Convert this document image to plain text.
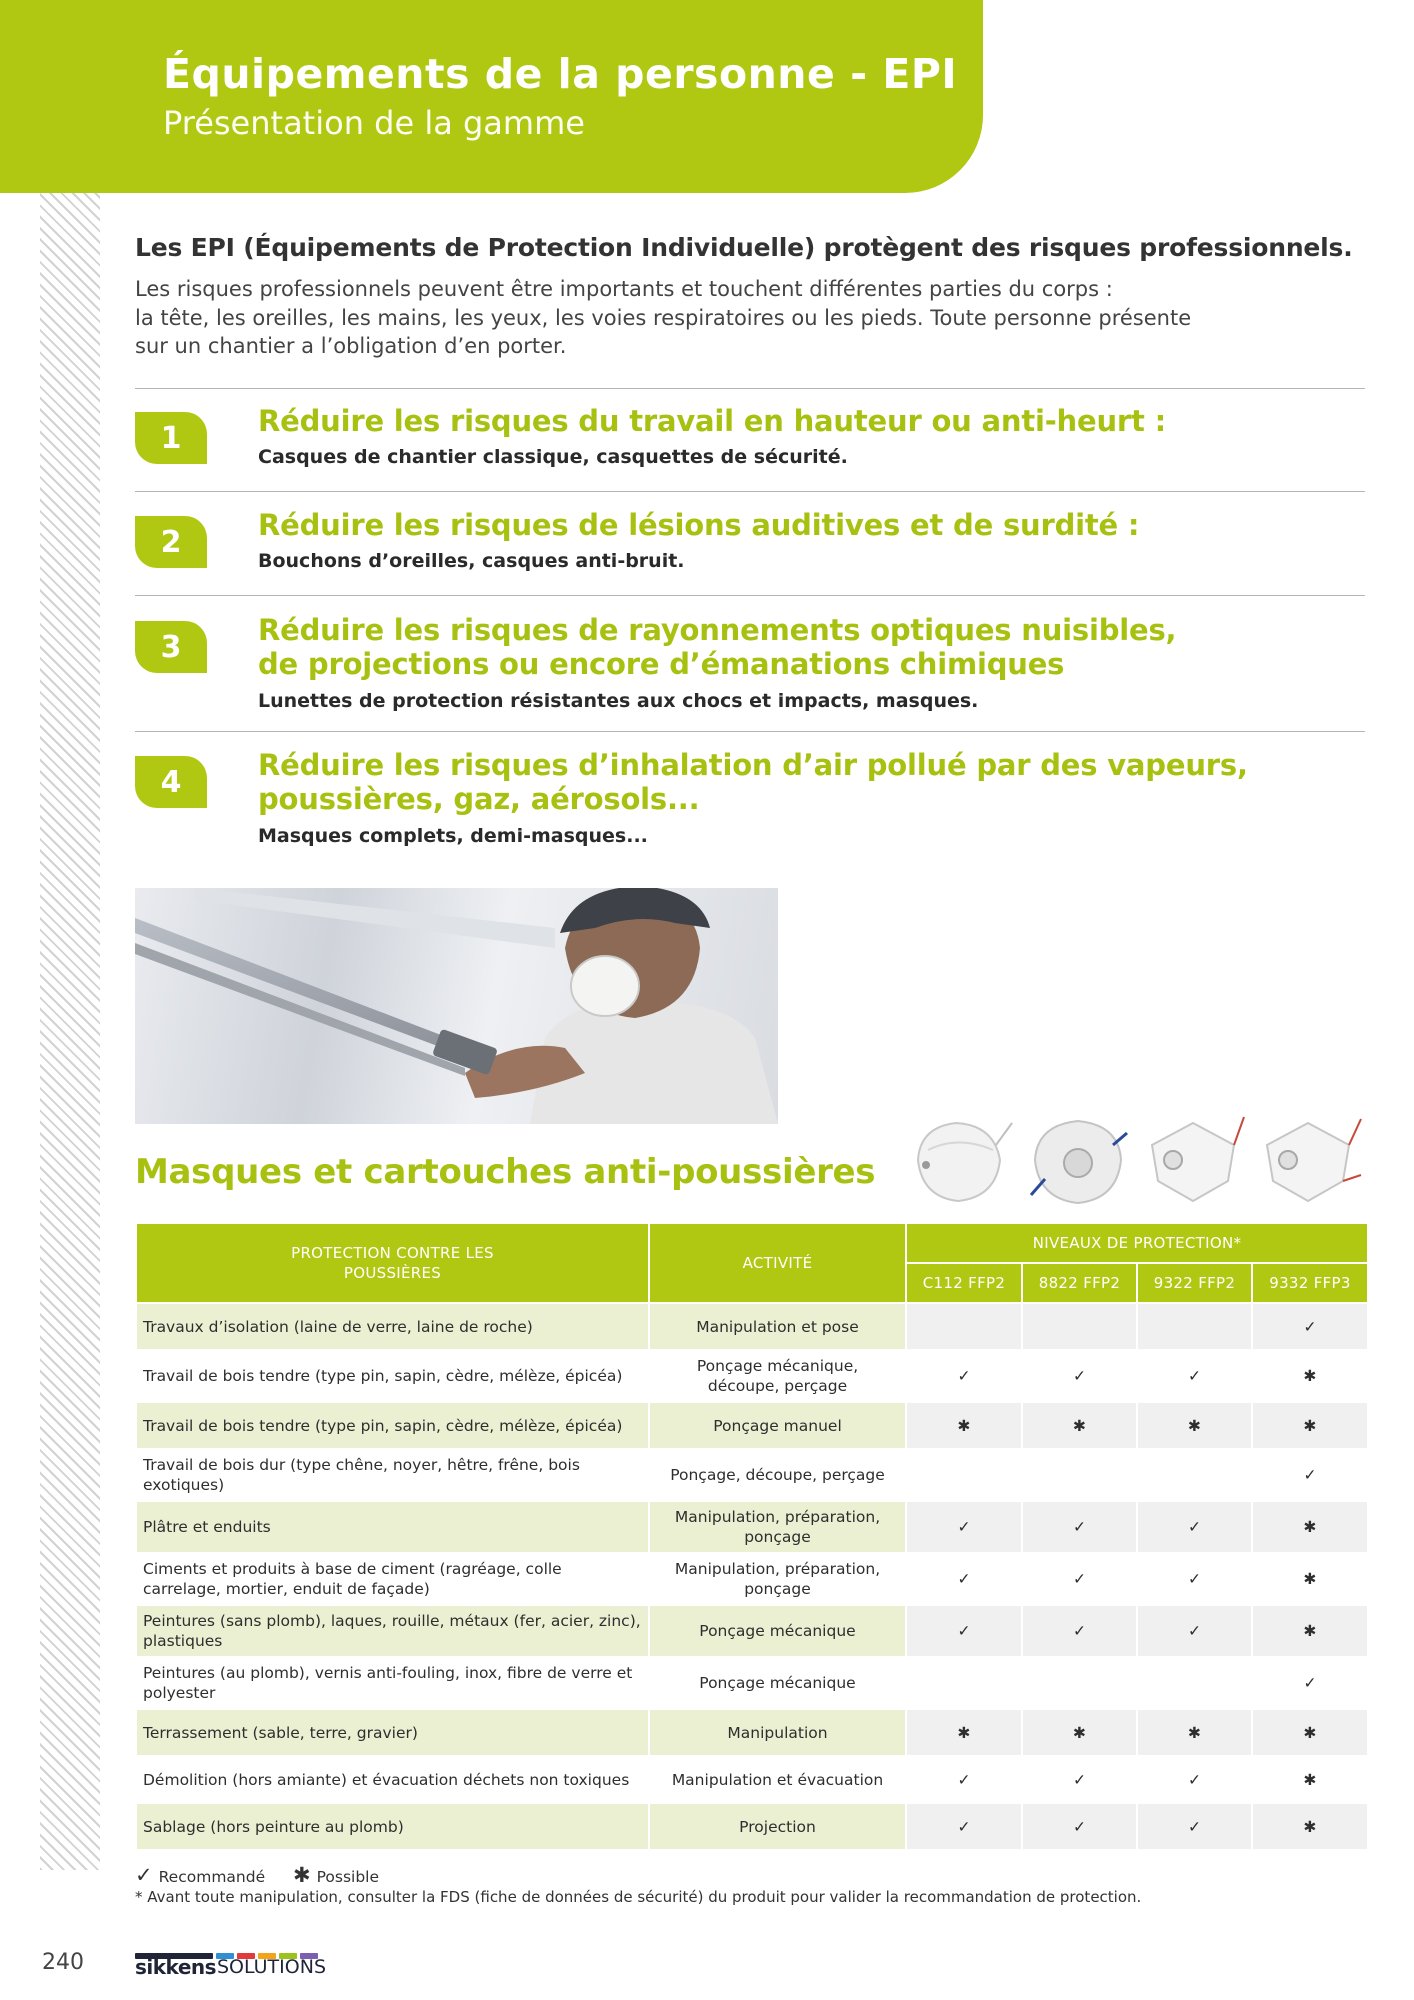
Équipements de la personne - EPI
Présentation de la gamme
Les EPI (Équipements de Protection Individuelle) protègent des risques professionnels.
Les risques professionnels peuvent être importants et touchent différentes parties du corps :
la tête, les oreilles, les mains, les yeux, les voies respiratoires ou les pieds. Toute personne présente
sur un chantier a l’obligation d’en porter.
1	Réduire les risques du travail en hauteur ou anti-heurt :
Casques de chantier classique, casquettes de sécurité.
2	Réduire les risques de lésions auditives et de surdité :
Bouchons d’oreilles, casques anti-bruit.
3	Réduire les risques de rayonnements optiques nuisibles,
de projections ou encore d’émanations chimiques
Lunettes de protection résistantes aux chocs et impacts, masques.
4	Réduire les risques d’inhalation d’air pollué par des vapeurs,
poussières, gaz, aérosols...
Masques complets, demi-masques...
Masques et cartouches anti-poussières
PROTECTION CONTRE LES POUSSIÈRES	ACTIVITÉ	NIVEAUX DE PROTECTION*			
		C112 FFP2	8822 FFP2	9322 FFP2	9332 FFP3
Travaux d’isolation (laine de verre, laine de roche)	Manipulation et pose				✓
Travail de bois tendre (type pin, sapin, cèdre, mélèze, épicéa)	Ponçage mécanique, découpe, perçage	✓	✓	✓	✱
Travail de bois tendre (type pin, sapin, cèdre, mélèze, épicéa)	Ponçage manuel	✱	✱	✱	✱
Travail de bois dur (type chêne, noyer, hêtre, frêne, bois exotiques)	Ponçage, découpe, perçage				✓
Plâtre et enduits	Manipulation, préparation, ponçage	✓	✓	✓	✱
Ciments et produits à base de ciment (ragréage, colle carrelage, mortier, enduit de façade)	Manipulation, préparation, ponçage	✓	✓	✓	✱
Peintures (sans plomb), laques, rouille, métaux (fer, acier, zinc), plastiques	Ponçage mécanique	✓	✓	✓	✱
Peintures (au plomb), vernis anti-fouling, inox, fibre de verre et polyester	Ponçage mécanique				✓
Terrassement (sable, terre, gravier)	Manipulation	✱	✱	✱	✱
Démolition (hors amiante) et évacuation déchets non toxiques	Manipulation et évacuation	✓	✓	✓	✱
Sablage (hors peinture au plomb)	Projection	✓	✓	✓	✱
✓ Recommandé ✱ Possible
* Avant toute manipulation, consulter la FDS (fiche de données de sécurité) du produit pour valider la recommandation de protection.
240	sikkens SOLUTIONS
